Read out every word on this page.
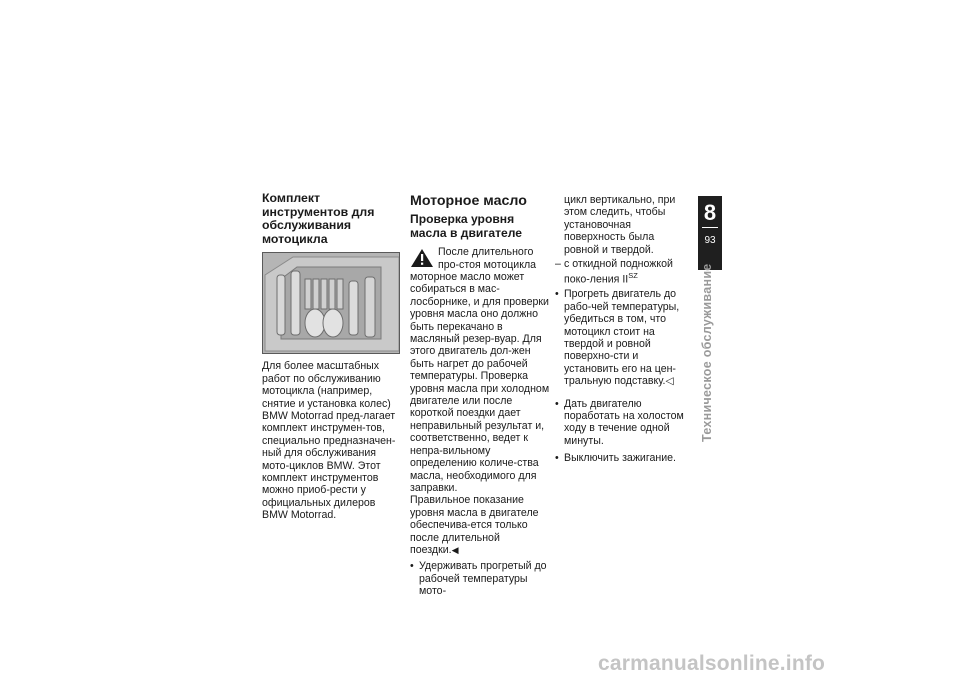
Комплект инструментов для обслуживания мотоцикла

Для более масштабных работ по обслуживанию мотоцикла (например, снятие и установка колес) BMW Motorrad пред-лагает комплект инструмен-тов, специально предназначен-ный для обслуживания мото-циклов BMW. Этот комплект инструментов можно приоб-рести у официальных дилеров BMW Motorrad.

Моторное масло
Проверка уровня масла в двигателе

После длительного про-стоя мотоцикла моторное масло может собираться в мас-лосборнике, и для проверки уровня масла оно должно быть перекачано в масляный резер-вуар. Для этого двигатель дол-жен быть нагрет до рабочей температуры. Проверка уровня масла при холодном двигателе или после короткой поездки дает неправильный результат и, соответственно, ведет к непра-вильному определению количе-ства масла, необходимого для заправки.

Правильное показание уровня масла в двигателе обеспечива-ется только после длительной поездки.◀

• Удерживать прогретый до рабочей температуры мото-

цикл вертикально, при этом следить, чтобы установочная поверхность была ровной и твердой.

– с откидной подножкой поко-ления $II^{SZ}$
• Прогреть двигатель до рабо-чей температуры, убедиться в том, что мотоцикл стоит на твердой и ровной поверхно-сти и установить его на цен-тральную подставку.◁
• Дать двигателю поработать на холостом ходу в течение одной минуты.
• Выключить зажигание.
8
93
Техническое обслуживание
carmanualsonline.info
